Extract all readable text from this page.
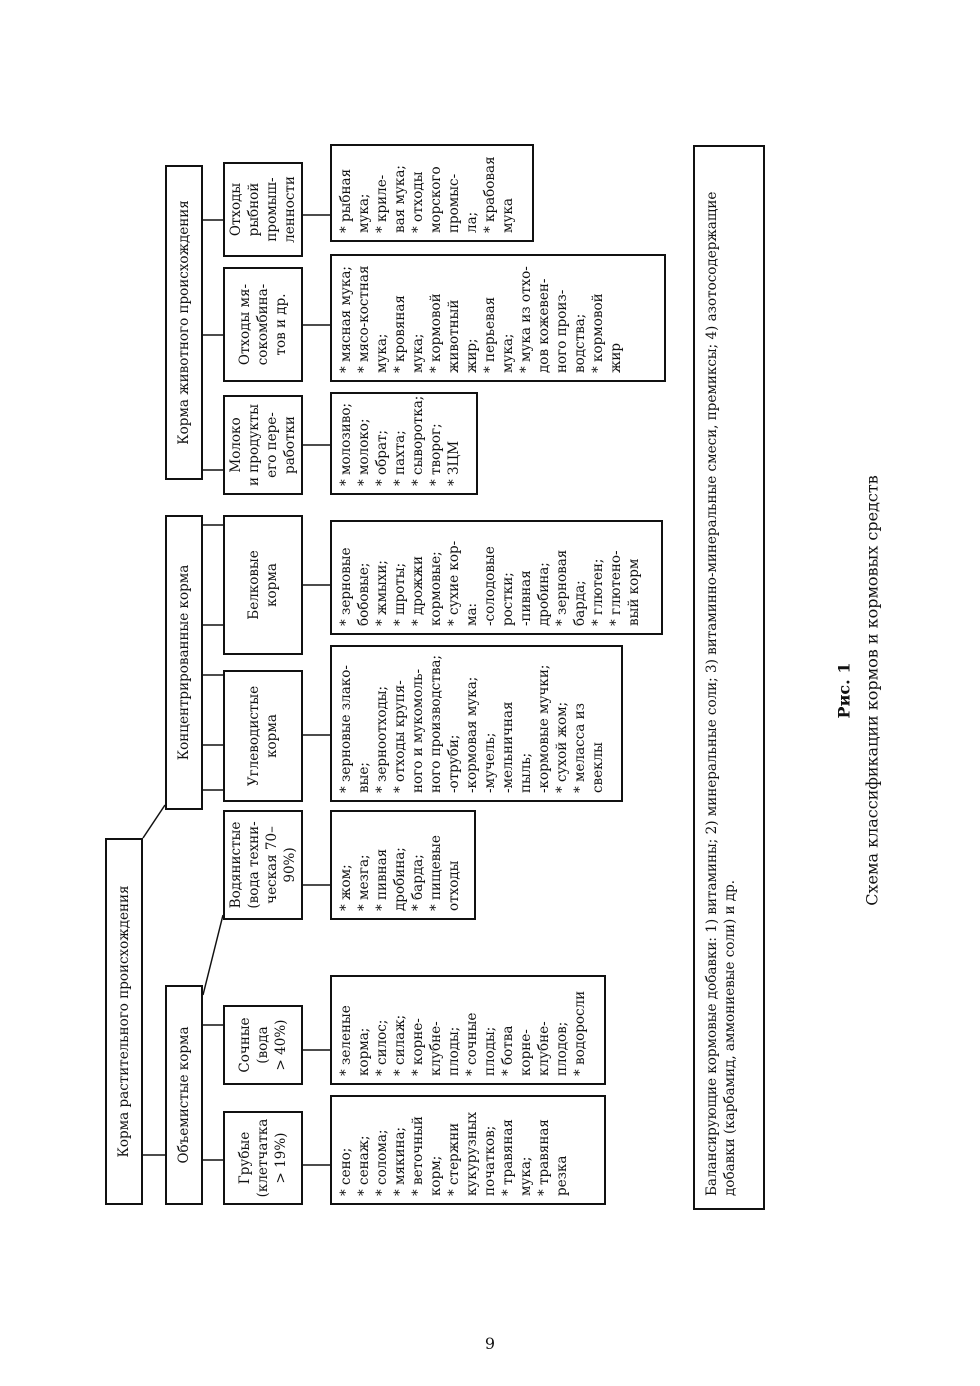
Корма растительного происхождения	Объемистые корма
Концентрированные корма
Корма животного происхождения
Грубые (клетчатка > 19%)
Сочные (вода > 40%)
Водянистые (вода техни- ческая 70–90%)
Углеводистые корма
Белковые корма
Молоко и продукты его пере- работки
Отходы мя- сокомбина- тов и др.
Отходы рыбной промыш- ленности
* сено; * сенаж; * солома; * мякина; * веточный корм; * стержни кукурузных початков; * травяная мука; * травяная резка
* зеленые корма; * силос; * силаж; * корне- клубне- плоды; * сочные плоды; * ботва корне- клубне- плодов; * водоросли
* жом; * мезга; * пивная дробина; * барда; * пищевые отходы
* зерновые злако- вые; * зерноотходы; * отходы крупя- ного и мукомоль- ного производства; -отруби; -кормовая мука; -мучель; -мельничная пыль; -кормовые мучки; * сухой жом; * меласса из свеклы
* зерновые бобовые; * жмыхи; * шроты; * дрожжи кормовые; * сухие кор- ма: -солодовые ростки; -пивная дробина; * зерновая барда; * глютен; * глютено- вый корм
* молозиво; * молоко; * обрат; * пахта; * сыворотка; * творог; * ЗЦМ
* мясная мука; * мясо-костная мука; * кровяная мука; * кормовой животный жир; * перьевая мука; * мука из отхо- дов кожевен- ного произ- водства; * кормовой жир
* рыбная мука; * криле- вая мука; * отходы морского промыс- ла; * крабовая мука	Балансирующие кормовые добавки: 1) витамины; 2) минеральные соли; 3) витаминно-минеральные смеси, премиксы; 4) азотосодержащие добавки (карбамид, аммониевые соли) и др.
Рис. 1 Схема классификации кормов и кормовых средств
9
